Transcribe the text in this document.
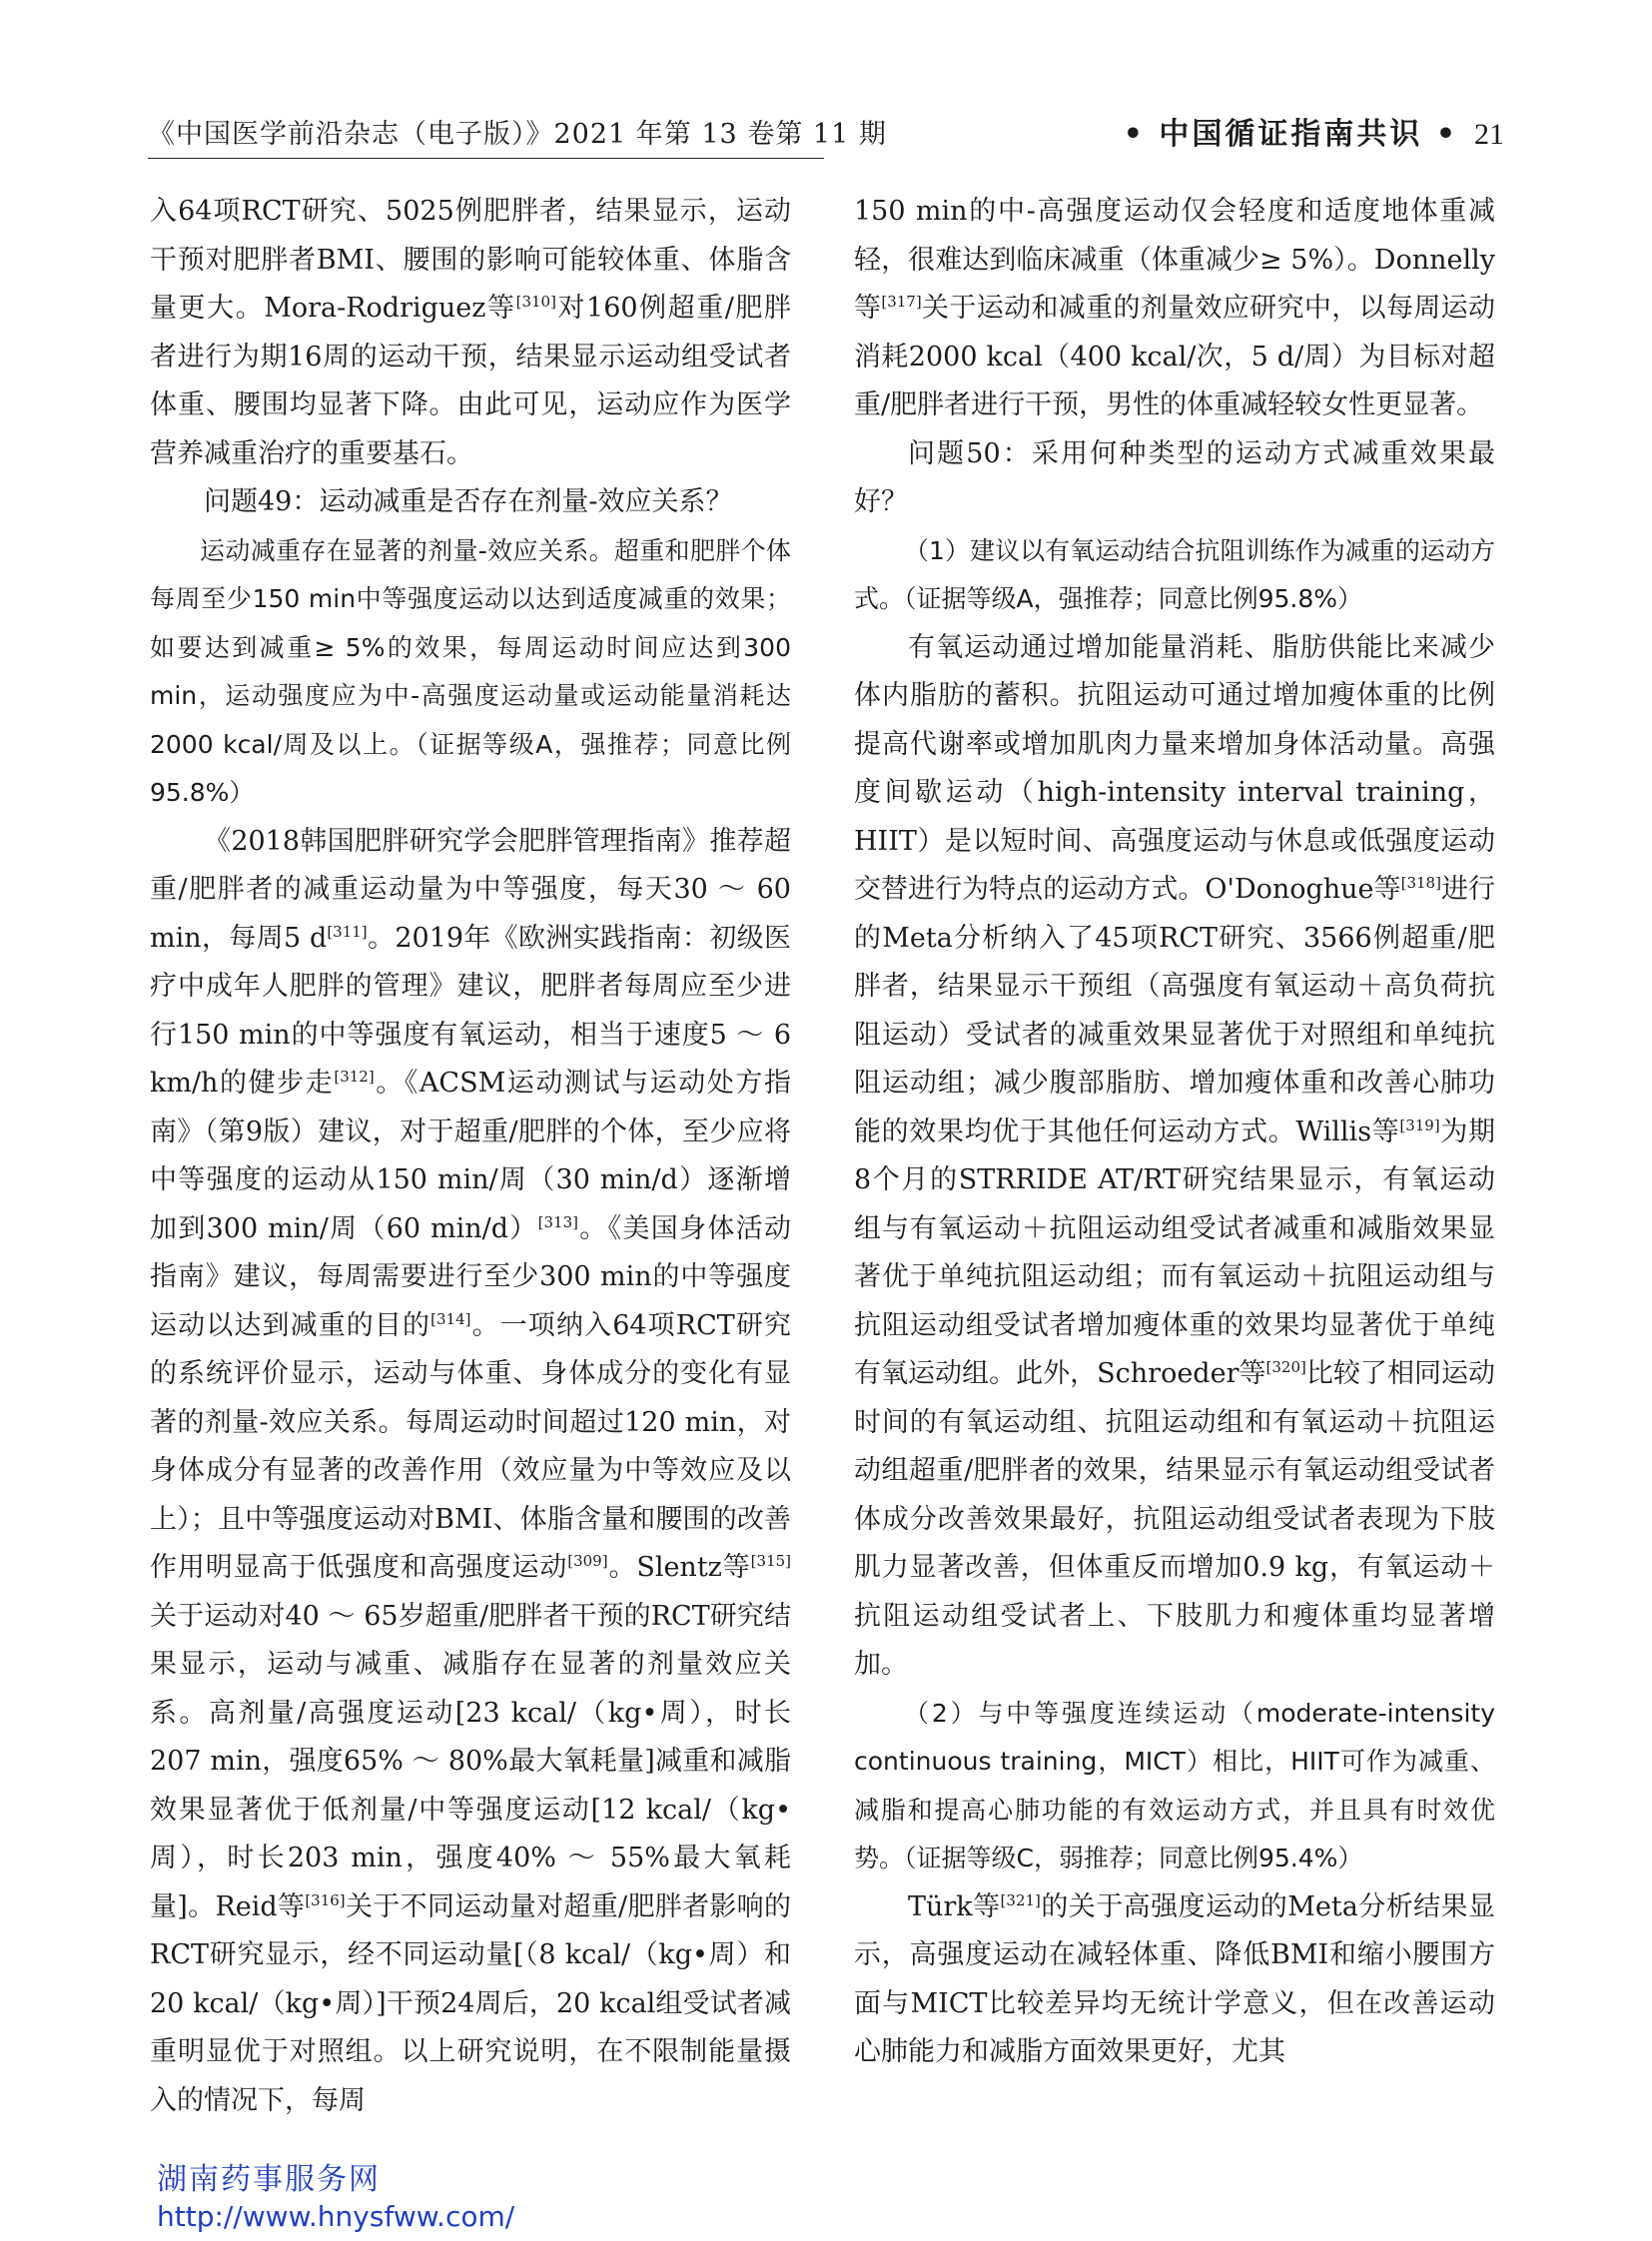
《中国医学前沿杂志（电子版）》2021 年第 13 卷第 11 期	• 中国循证指南共识 • 21

入64项RCT研究、5025例肥胖者，结果显示，运动干预对肥胖者BMI、腰围的影响可能较体重、体脂含量更大。Mora-Rodriguez等[310]对160例超重/肥胖者进行为期16周的运动干预，结果显示运动组受试者体重、腰围均显著下降。由此可见，运动应作为医学营养减重治疗的重要基石。

问题49：运动减重是否存在剂量-效应关系？

运动减重存在显著的剂量-效应关系。超重和肥胖个体每周至少150 min中等强度运动以达到适度减重的效果；如要达到减重≥ 5%的效果，每周运动时间应达到300 min，运动强度应为中-高强度运动量或运动能量消耗达2000 kcal/周及以上。（证据等级A，强推荐；同意比例95.8%）

《2018韩国肥胖研究学会肥胖管理指南》推荐超重/肥胖者的减重运动量为中等强度，每天30 ～ 60 min，每周5 d[311]。2019年《欧洲实践指南：初级医疗中成年人肥胖的管理》建议，肥胖者每周应至少进行150 min的中等强度有氧运动，相当于速度5 ～ 6 km/h的健步走[312]。《ACSM运动测试与运动处方指南》（第9版）建议，对于超重/肥胖的个体，至少应将中等强度的运动从150 min/周（30 min/d）逐渐增加到300 min/周（60 min/d）[313]。《美国身体活动指南》建议，每周需要进行至少300 min的中等强度运动以达到减重的目的[314]。一项纳入64项RCT研究的系统评价显示，运动与体重、身体成分的变化有显著的剂量-效应关系。每周运动时间超过120 min，对身体成分有显著的改善作用（效应量为中等效应及以上）；且中等强度运动对BMI、体脂含量和腰围的改善作用明显高于低强度和高强度运动[309]。Slentz等[315]关于运动对40 ～ 65岁超重/肥胖者干预的RCT研究结果显示，运动与减重、减脂存在显著的剂量效应关系。高剂量/高强度运动[23 kcal/（kg•周），时长207 min，强度65% ～ 80%最大氧耗量]减重和减脂效果显著优于低剂量/中等强度运动[12 kcal/（kg•周），时长203 min，强度40% ～ 55%最大氧耗量]。Reid等[316]关于不同运动量对超重/肥胖者影响的RCT研究显示，经不同运动量[（8 kcal/（kg•周）和20 kcal/（kg•周）]干预24周后，20 kcal组受试者减重明显优于对照组。以上研究说明，在不限制能量摄入的情况下，每周

150 min的中-高强度运动仅会轻度和适度地体重减轻，很难达到临床减重（体重减少≥ 5%）。Donnelly等[317]关于运动和减重的剂量效应研究中，以每周运动消耗2000 kcal（400 kcal/次，5 d/周）为目标对超重/肥胖者进行干预，男性的体重减轻较女性更显著。

问题50：采用何种类型的运动方式减重效果最好？

（1）建议以有氧运动结合抗阻训练作为减重的运动方式。（证据等级A，强推荐；同意比例95.8%）

有氧运动通过增加能量消耗、脂肪供能比来减少体内脂肪的蓄积。抗阻运动可通过增加瘦体重的比例提高代谢率或增加肌肉力量来增加身体活动量。高强度间歇运动（high-intensity interval training，HIIT）是以短时间、高强度运动与休息或低强度运动交替进行为特点的运动方式。O'Donoghue等[318]进行的Meta分析纳入了45项RCT研究、3566例超重/肥胖者，结果显示干预组（高强度有氧运动＋高负荷抗阻运动）受试者的减重效果显著优于对照组和单纯抗阻运动组；减少腹部脂肪、增加瘦体重和改善心肺功能的效果均优于其他任何运动方式。Willis等[319]为期8个月的STRRIDE AT/RT研究结果显示，有氧运动组与有氧运动＋抗阻运动组受试者减重和减脂效果显著优于单纯抗阻运动组；而有氧运动＋抗阻运动组与抗阻运动组受试者增加瘦体重的效果均显著优于单纯有氧运动组。此外，Schroeder等[320]比较了相同运动时间的有氧运动组、抗阻运动组和有氧运动＋抗阻运动组超重/肥胖者的效果，结果显示有氧运动组受试者体成分改善效果最好，抗阻运动组受试者表现为下肢肌力显著改善，但体重反而增加0.9 kg，有氧运动＋抗阻运动组受试者上、下肢肌力和瘦体重均显著增加。

（2）与中等强度连续运动（moderate-intensity continuous training，MICT）相比，HIIT可作为减重、减脂和提高心肺功能的有效运动方式，并且具有时效优势。（证据等级C，弱推荐；同意比例95.4%）

Türk等[321]的关于高强度运动的Meta分析结果显示，高强度运动在减轻体重、降低BMI和缩小腰围方面与MICT比较差异均无统计学意义，但在改善运动心肺能力和减脂方面效果更好，尤其

湖南药事服务网
http://www.hnysfww.com/
